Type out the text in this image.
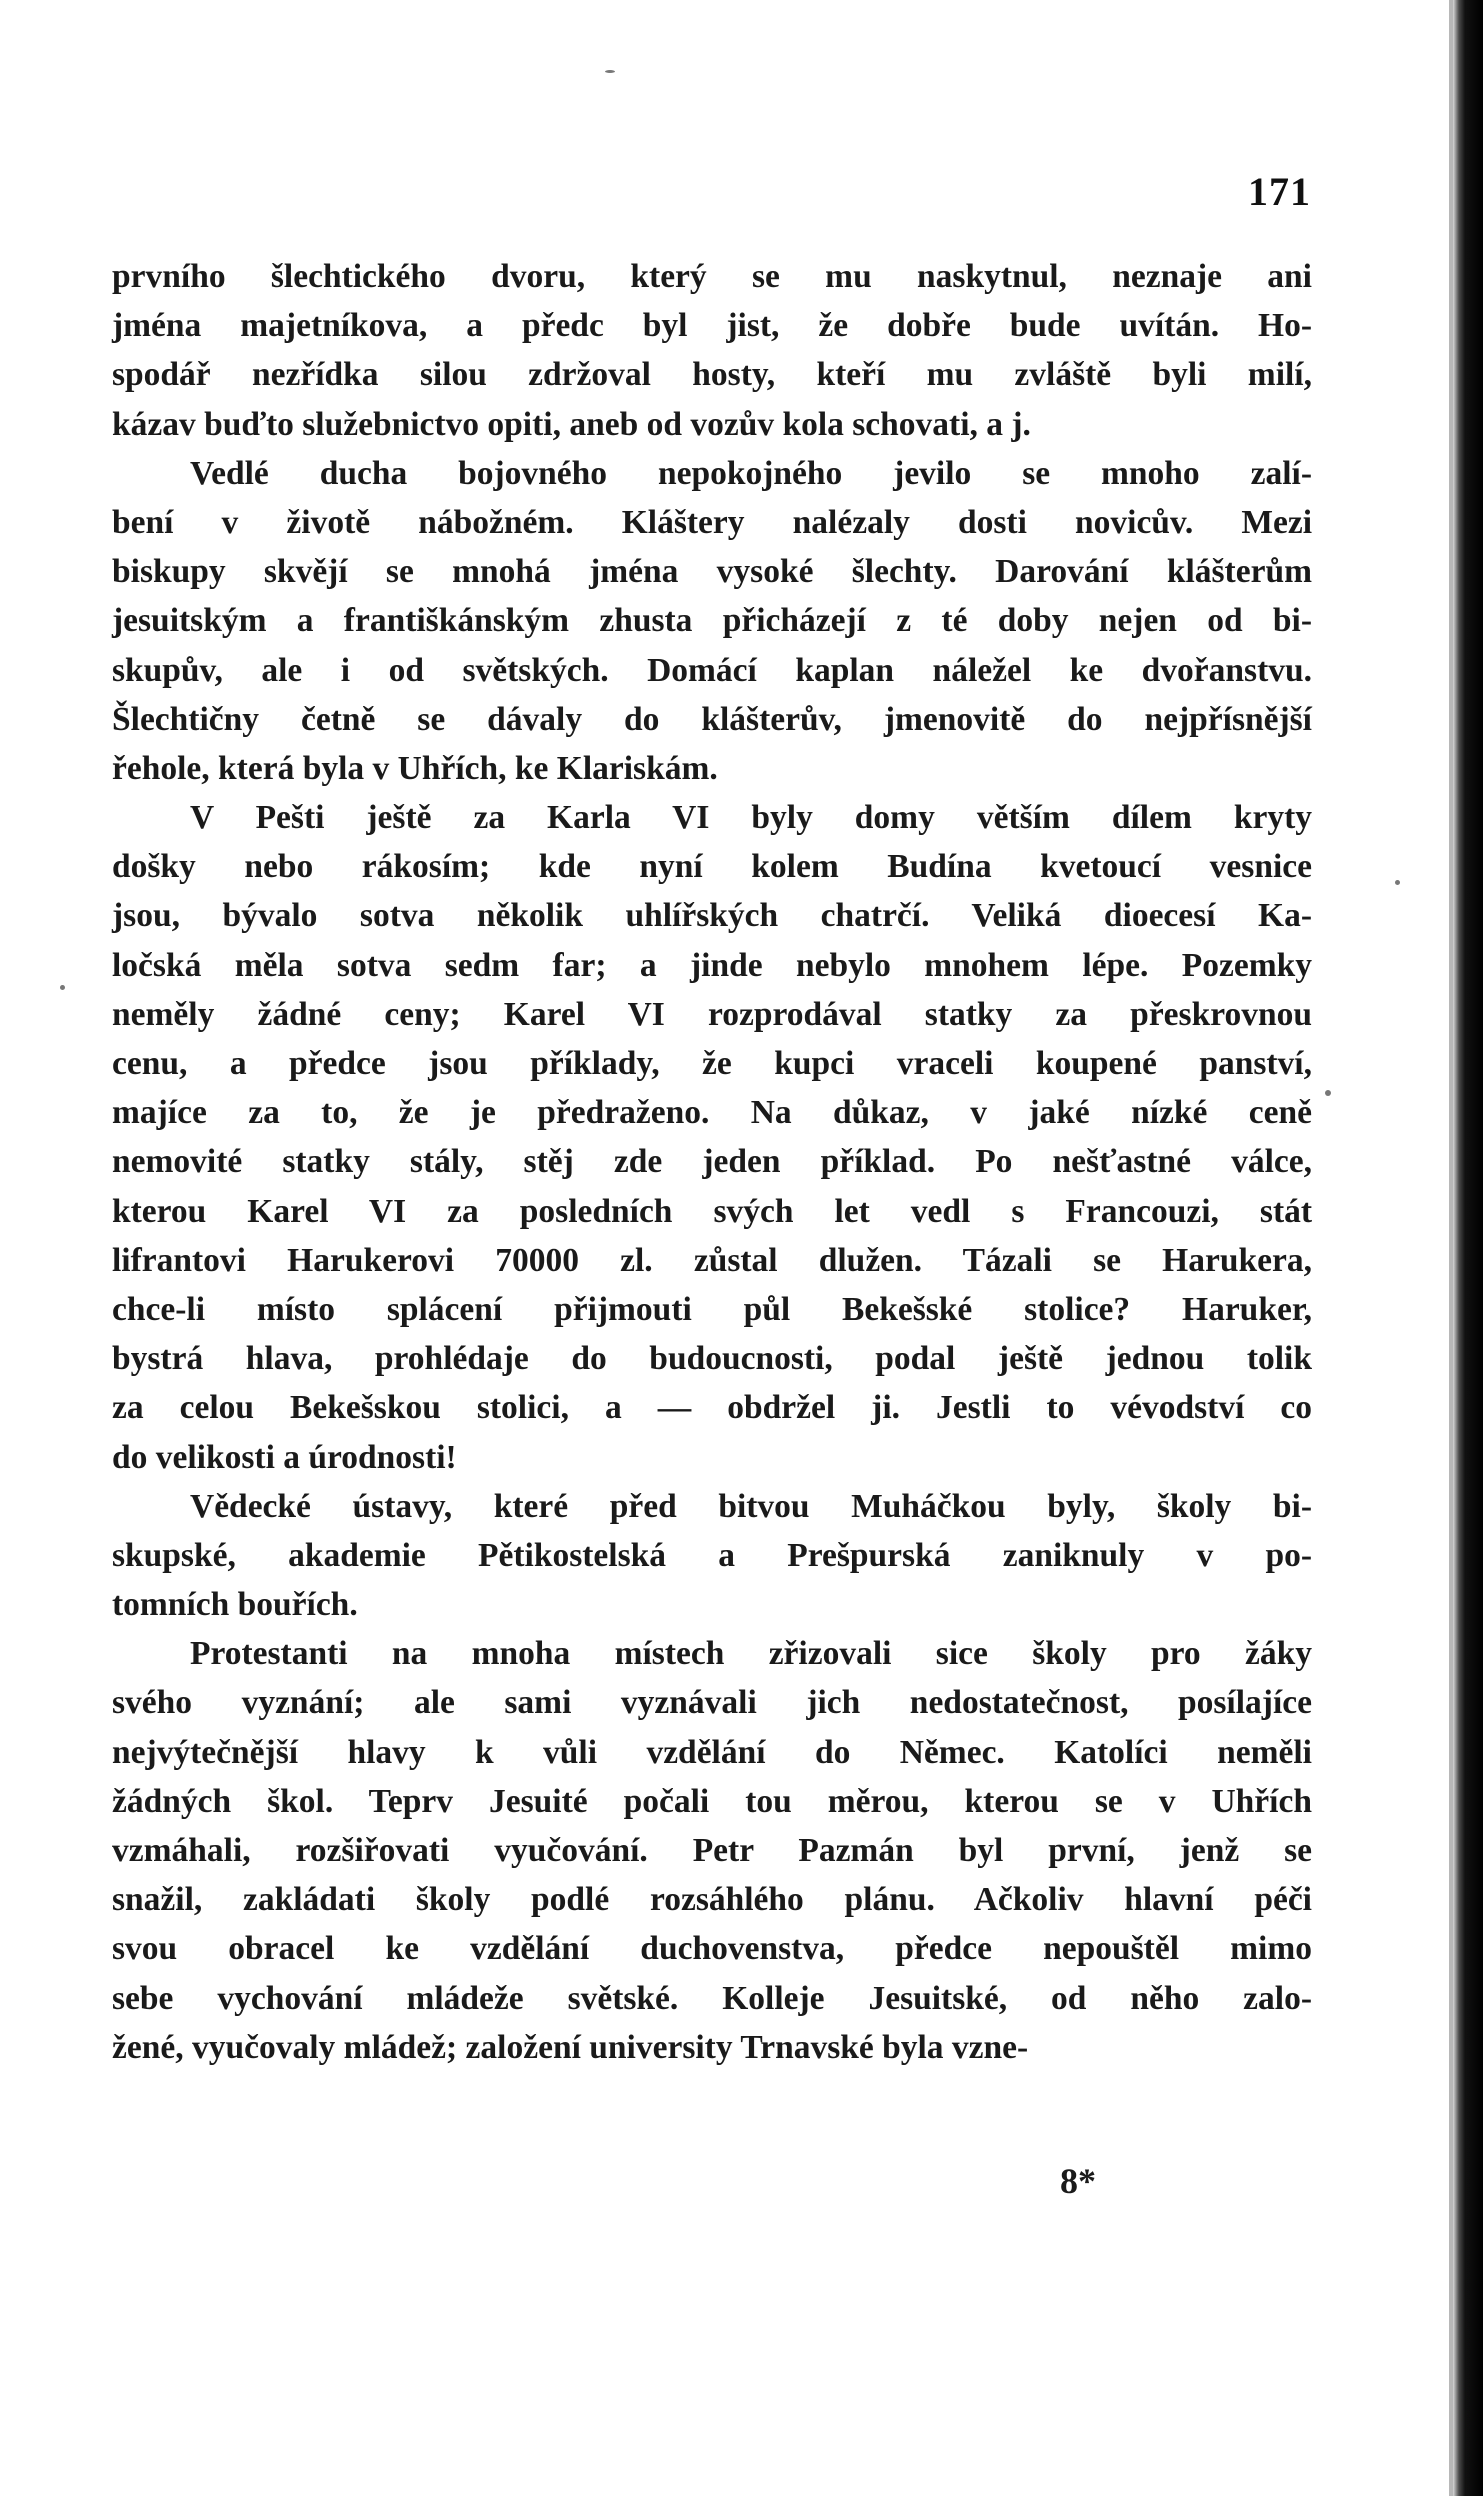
171

prvního šlechtického dvoru, který se mu naskytnul, neznaje ani
jména majetníkova, a předc byl jist, že dobře bude uvítán. Ho-
spodář nezřídka silou zdržoval hosty, kteří mu zvláště byli milí,
kázav buďto služebnictvo opiti, aneb od vozův kola schovati, a j.

Vedlé ducha bojovného nepokojného jevilo se mnoho zalí-
bení v životě nábožném. Kláštery nalézaly dosti novicův. Mezi
biskupy skvějí se mnohá jména vysoké šlechty. Darování klášterům
jesuitským a františkánským zhusta přicházejí z té doby nejen od bi-
skupův, ale i od světských. Domácí kaplan náležel ke dvořanstvu.
Šlechtičny četně se dávaly do klášterův, jmenovitě do nejpřísnější
řehole, která byla v Uhřích, ke Klariskám.

V Pešti ještě za Karla VI byly domy větším dílem kryty
došky nebo rákosím; kde nyní kolem Budína kvetoucí vesnice
jsou, bývalo sotva několik uhlířských chatrčí. Veliká dioecesí Ka-
ločská měla sotva sedm far; a jinde nebylo mnohem lépe. Pozemky
neměly žádné ceny; Karel VI rozprodával statky za přeskrovnou
cenu, a předce jsou příklady, že kupci vraceli koupené panství,
majíce za to, že je předraženo. Na důkaz, v jaké nízké ceně
nemovité statky stály, stěj zde jeden příklad. Po nešťastné válce,
kterou Karel VI za posledních svých let vedl s Francouzi, stát
lifrantovi Harukerovi 70000 zl. zůstal dlužen. Tázali se Harukera,
chce-li místo splácení přijmouti půl Bekešské stolice? Haruker,
bystrá hlava, prohlédaje do budoucnosti, podal ještě jednou tolik
za celou Bekešskou stolici, a — obdržel ji. Jestli to vévodství co
do velikosti a úrodnosti!

Vědecké ústavy, které před bitvou Muháčkou byly, školy bi-
skupské, akademie Pětikostelská a Prešpurská zaniknuly v po-
tomních bouřích.

Protestanti na mnoha místech zřizovali sice školy pro žáky
svého vyznání; ale sami vyznávali jich nedostatečnost, posílajíce
nejvýtečnější hlavy k vůli vzdělání do Němec. Katolíci neměli
žádných škol. Teprv Jesuité počali tou měrou, kterou se v Uhřích
vzmáhali, rozšiřovati vyučování. Petr Pazmán byl první, jenž se
snažil, zakládati školy podlé rozsáhlého plánu. Ačkoliv hlavní péči
svou obracel ke vzdělání duchovenstva, předce nepouštěl mimo
sebe vychování mládeže světské. Kolleje Jesuitské, od něho zalo-
žené, vyučovaly mládež; založení university Trnavské byla vzne-

8*
